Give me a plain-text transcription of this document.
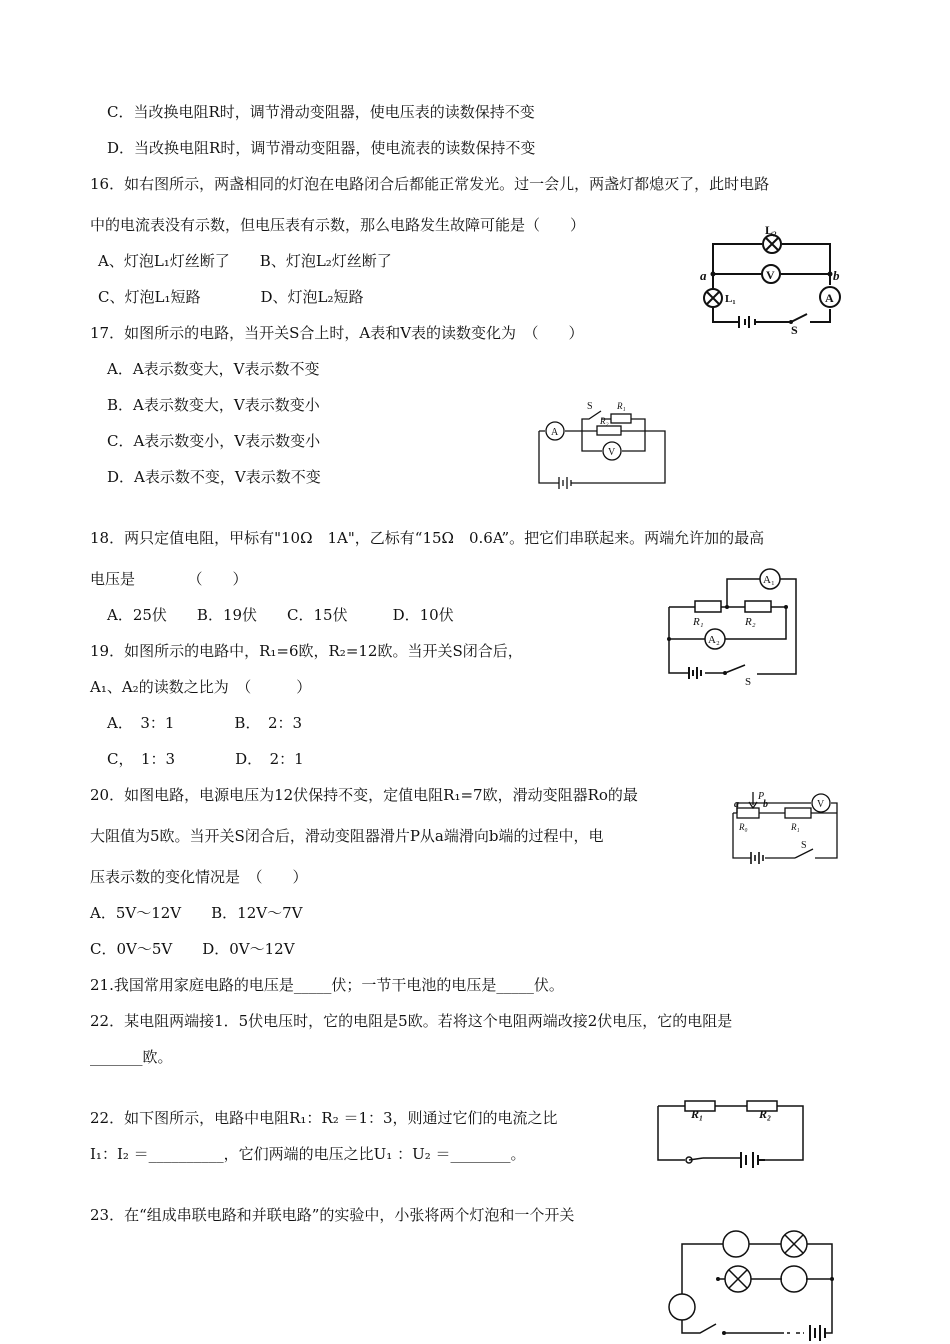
C．当改换电阻R时，调节滑动变阻器，使电压表的读数保持不变
D．当改换电阻R时，调节滑动变阻器，使电流表的读数保持不变
16．如右图所示，两盏相同的灯泡在电路闭合后都能正常发光。过一会儿，两盏灯都熄灭了，此时电路
中的电流表没有示数，但电压表有示数，那么电路发生故障可能是（　　）
A、灯泡L₁灯丝断了　　B、灯泡L₂灯丝断了
C、灯泡L₁短路　　　　D、灯泡L₂短路
17．如图所示的电路，当开关S合上时，A表和V表的读数变化为　（　　）
A．A表示数变大，V表示数不变
B．A表示数变大，V表示数变小
C．A表示数变小，V表示数变小
D．A表示数不变，V表示数不变
18．两只定值电阻，甲标有"10Ω　1A"，乙标有“15Ω　0.6A”。把它们串联起来。两端允许加的最高
电压是　　　　（　　）
A．25伏　　B．19伏　　C．15伏　　　D．10伏
19．如图所示的电路中，R₁=6欧，R₂=12欧。当开关S闭合后，
A₁、A₂的读数之比为　（　　　）
A．　3：1　　　　B．　2：3
C，　1：3　　　　D．　2：1
20．如图电路，电源电压为12伏保持不变，定值电阻R₁=7欧，滑动变阻器Ro的最
大阻值为5欧。当开关S闭合后，滑动变阻器滑片P从a端滑向b端的过程中，电
压表示数的变化情况是　（　　）
A．5V～12V　　B．12V～7V
C．0V～5V　　D．0V～12V
21.我国常用家庭电路的电压是_____伏；一节干电池的电压是_____伏。
22．某电阻两端接1．5伏电压时，它的电阻是5欧。若将这个电阻两端改接2伏电压，它的电阻是
_______欧。
22．如下图所示，电路中电阻R₁：R₂ ＝1：3，则通过它们的电流之比
I₁：I₂ ＝__________，它们两端的电压之比U₁ ：U₂ ＝________。
23．在“组成串联电路和并联电路”的实验中，小张将两个灯泡和一个开关
L₂
a	b
V
L₁	A
S
S	R₁
R₂
A
V
A₁
R₁	R₂
A₂
S
V
P
a b
R₀	R₁
S
R₁	R₂
